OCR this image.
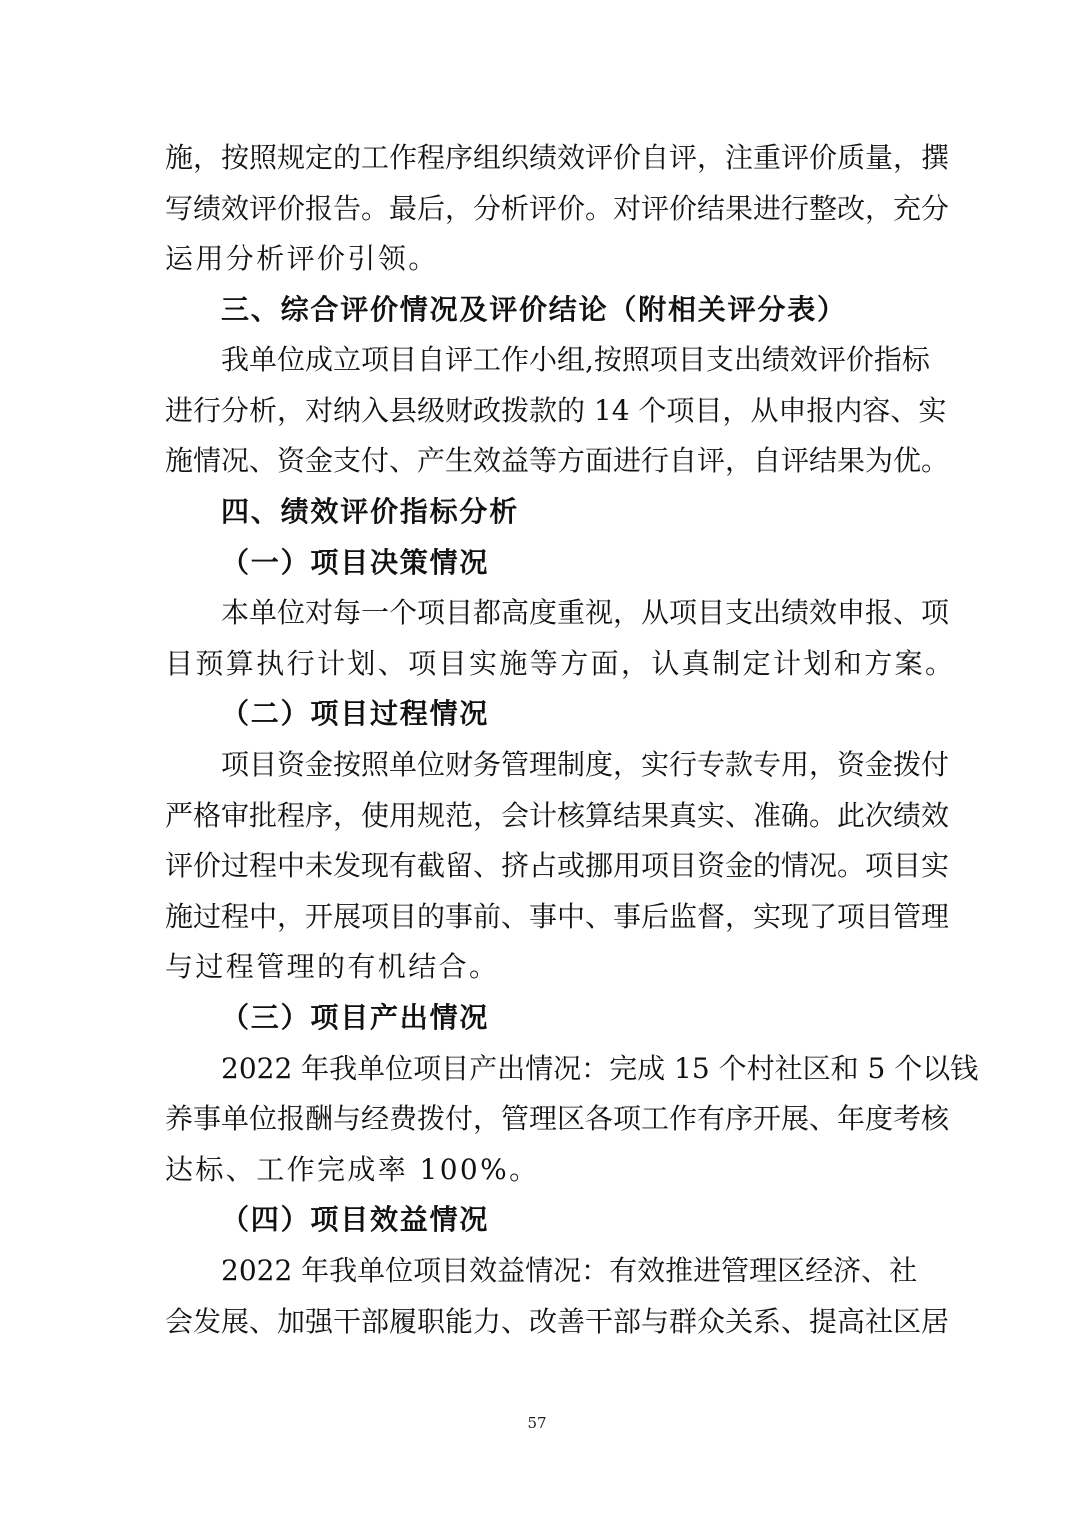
施，按照规定的工作程序组织绩效评价自评，注重评价质量，撰
写绩效评价报告。最后，分析评价。对评价结果进行整改，充分
运用分析评价引领。
三、综合评价情况及评价结论（附相关评分表）
我单位成立项目自评工作小组,按照项目支出绩效评价指标
进行分析，对纳入县级财政拨款的 14 个项目，从申报内容、实
施情况、资金支付、产生效益等方面进行自评，自评结果为优。
四、绩效评价指标分析
（一）项目决策情况
本单位对每一个项目都高度重视，从项目支出绩效申报、项
目预算执行计划、项目实施等方面，认真制定计划和方案。
（二）项目过程情况
项目资金按照单位财务管理制度，实行专款专用，资金拨付
严格审批程序，使用规范，会计核算结果真实、准确。此次绩效
评价过程中未发现有截留、挤占或挪用项目资金的情况。项目实
施过程中，开展项目的事前、事中、事后监督，实现了项目管理
与过程管理的有机结合。
（三）项目产出情况
2022 年我单位项目产出情况：完成 15 个村社区和 5 个以钱
养事单位报酬与经费拨付，管理区各项工作有序开展、年度考核
达标、工作完成率 100%。
（四）项目效益情况
2022 年我单位项目效益情况：有效推进管理区经济、社
会发展、加强干部履职能力、改善干部与群众关系、提高社区居
57
